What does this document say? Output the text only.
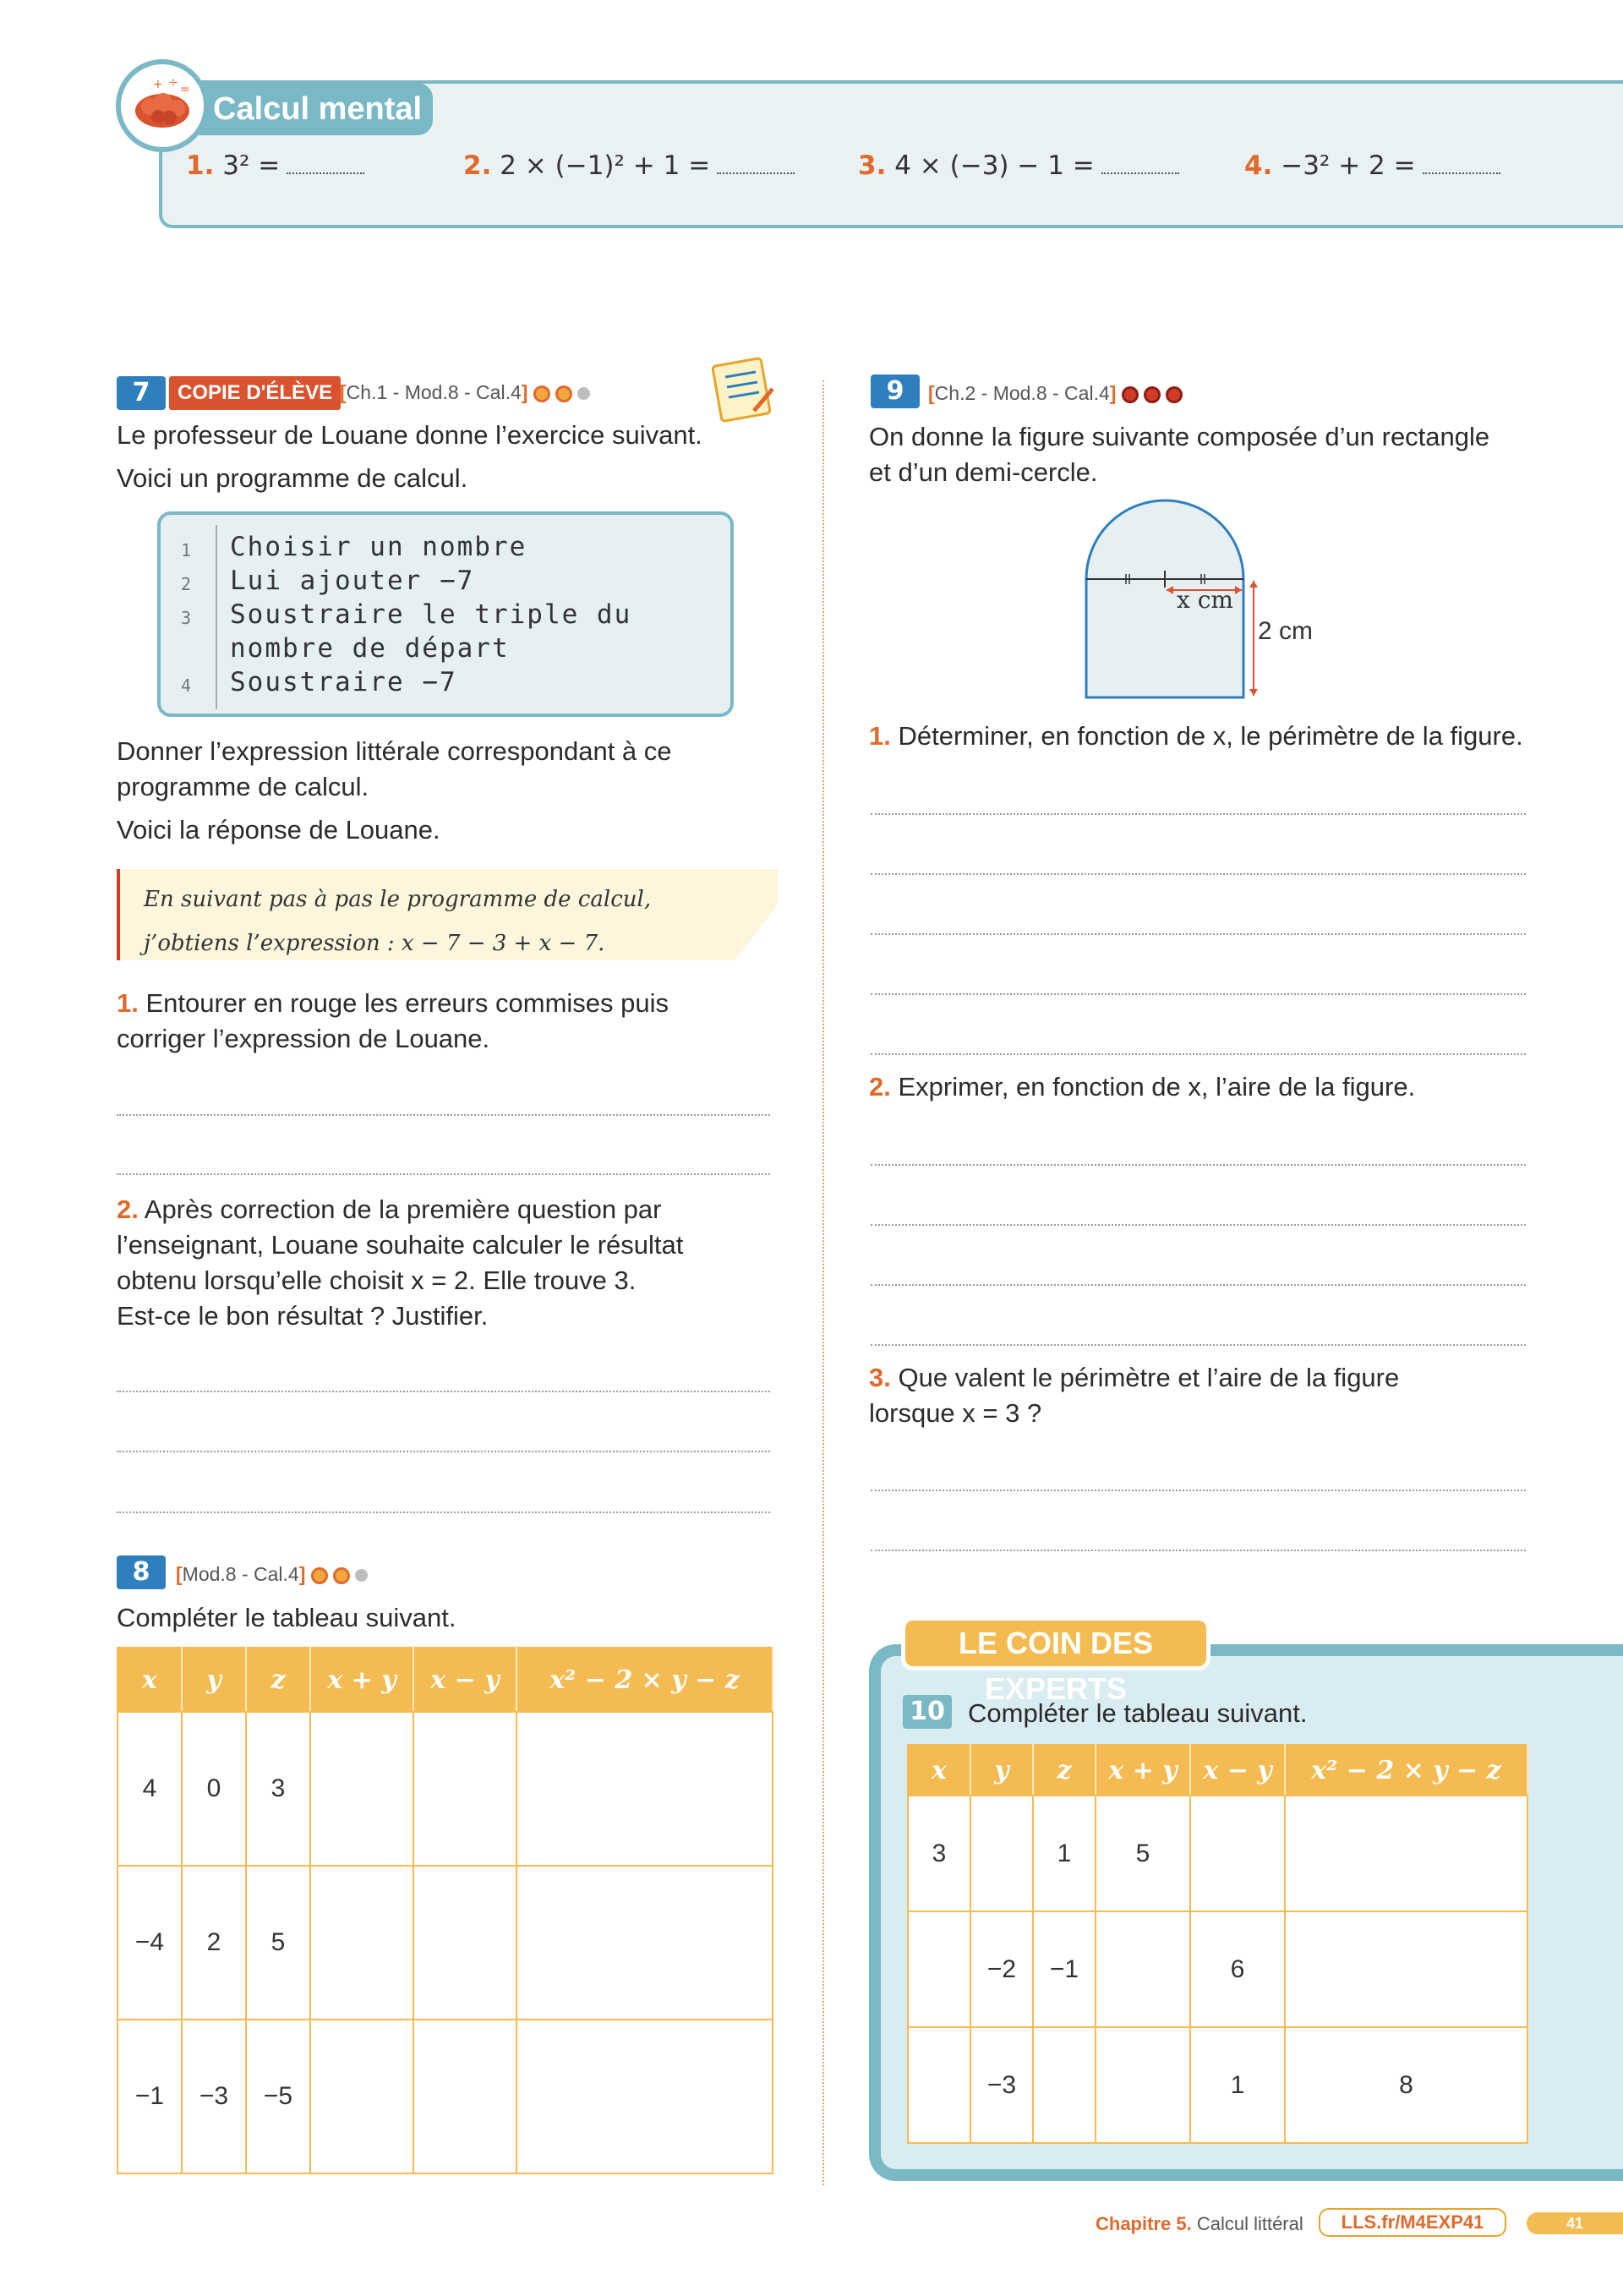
Calcul mental
+ ÷ =
1. 3² =	2. 2 × (−1)² + 1 =	3. 4 × (−3) − 1 =	4. −3² + 2 =
7	COPIE D'ÉLÈVE [Ch.1 - Mod.8 - Cal.4]
Le professeur de Louane donne l’exercice suivant.
Voici un programme de calcul.
1 Choisir un nombre
2 Lui ajouter −7
3 Soustraire le triple du
nombre de départ
4 Soustraire −7
Donner l’expression littérale correspondant à ce
programme de calcul.
Voici la réponse de Louane.
En suivant pas à pas le programme de calcul,
j’obtiens l’expression : x − 7 − 3 + x − 7.
1. Entourer en rouge les erreurs commises puis
corriger l’expression de Louane.
2. Après correction de la première question par
l’enseignant, Louane souhaite calculer le résultat
obtenu lorsqu’elle choisit x = 2. Elle trouve 3.
Est-ce le bon résultat ? Justifier.
8	[Mod.8 - Cal.4]
Compléter le tableau suivant.
x	y	z	x + y	x − y	x² − 2 × y − z
4	0	3			
−4	2	5			
−1	−3	−5			
9	[Ch.2 - Mod.8 - Cal.4]
On donne la figure suivante composée d’un rectangle
et d’un demi-cercle.
x cm
2 cm
1. Déterminer, en fonction de x, le périmètre de la figure.
2. Exprimer, en fonction de x, l’aire de la figure.
3. Que valent le périmètre et l’aire de la figure
lorsque x = 3 ?
LE COIN DES EXPERTS
10 Compléter le tableau suivant.
x	y	z	x + y	x − y	x² − 2 × y − z
3		1	5		
	−2	−1		6	
	−3			1	8
Chapitre 5. Calcul littéral	LLS.fr/M4EXP41	41
